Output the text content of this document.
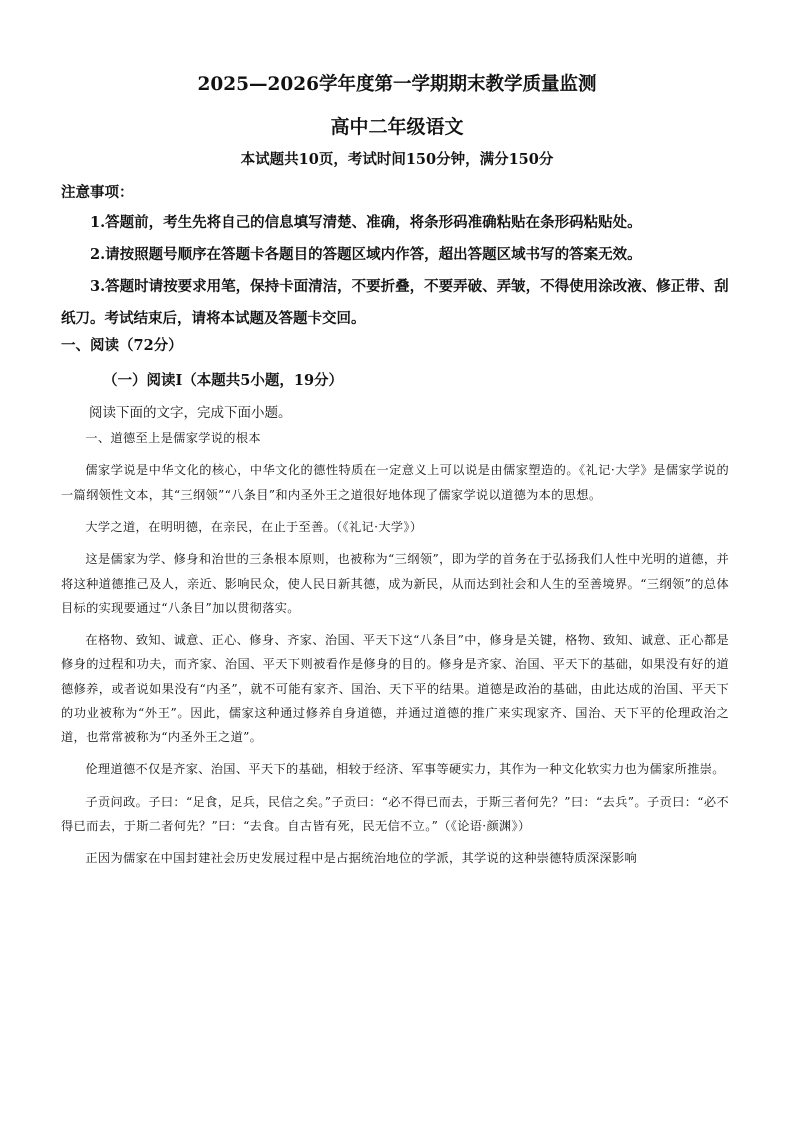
2025—2026学年度第一学期期末教学质量监测
高中二年级语文
本试题共10页，考试时间150分钟，满分150分
注意事项：
1.答题前，考生先将自己的信息填写清楚、准确，将条形码准确粘贴在条形码粘贴处。
2.请按照题号顺序在答题卡各题目的答题区域内作答，超出答题区域书写的答案无效。
3.答题时请按要求用笔，保持卡面清洁，不要折叠，不要弄破、弄皱，不得使用涂改液、修正带、刮纸刀。考试结束后，请将本试题及答题卡交回。
一、阅读（72分）
（一）阅读I（本题共5小题，19分）
阅读下面的文字，完成下面小题。

一、道德至上是儒家学说的根本

儒家学说是中华文化的核心，中华文化的德性特质在一定意义上可以说是由儒家塑造的。《礼记·大学》是儒家学说的一篇纲领性文本，其“三纲领”“八条目”和内圣外王之道很好地体现了儒家学说以道德为本的思想。

大学之道，在明明德，在亲民，在止于至善。（《礼记·大学》）

这是儒家为学、修身和治世的三条根本原则，也被称为“三纲领”，即为学的首务在于弘扬我们人性中光明的道德，并将这种道德推己及人，亲近、影响民众，使人民日新其德，成为新民，从而达到社会和人生的至善境界。“三纲领”的总体目标的实现要通过“八条目”加以贯彻落实。

在格物、致知、诚意、正心、修身、齐家、治国、平天下这“八条目”中，修身是关键，格物、致知、诚意、正心都是修身的过程和功夫，而齐家、治国、平天下则被看作是修身的目的。修身是齐家、治国、平天下的基础，如果没有好的道德修养，或者说如果没有“内圣”，就不可能有家齐、国治、天下平的结果。道德是政治的基础，由此达成的治国、平天下的功业被称为“外王”。因此，儒家这种通过修养自身道德，并通过道德的推广来实现家齐、国治、天下平的伦理政治之道，也常常被称为“内圣外王之道”。

伦理道德不仅是齐家、治国、平天下的基础，相较于经济、军事等硬实力，其作为一种文化软实力也为儒家所推崇。

子贡问政。子曰：“足食，足兵，民信之矣。”子贡曰：“必不得已而去，于斯三者何先？”曰：“去兵”。子贡曰：“必不得已而去，于斯二者何先？”曰：“去食。自古皆有死，民无信不立。”（《论语·颜渊》）

正因为儒家在中国封建社会历史发展过程中是占据统治地位的学派，其学说的这种崇德特质深深影响
